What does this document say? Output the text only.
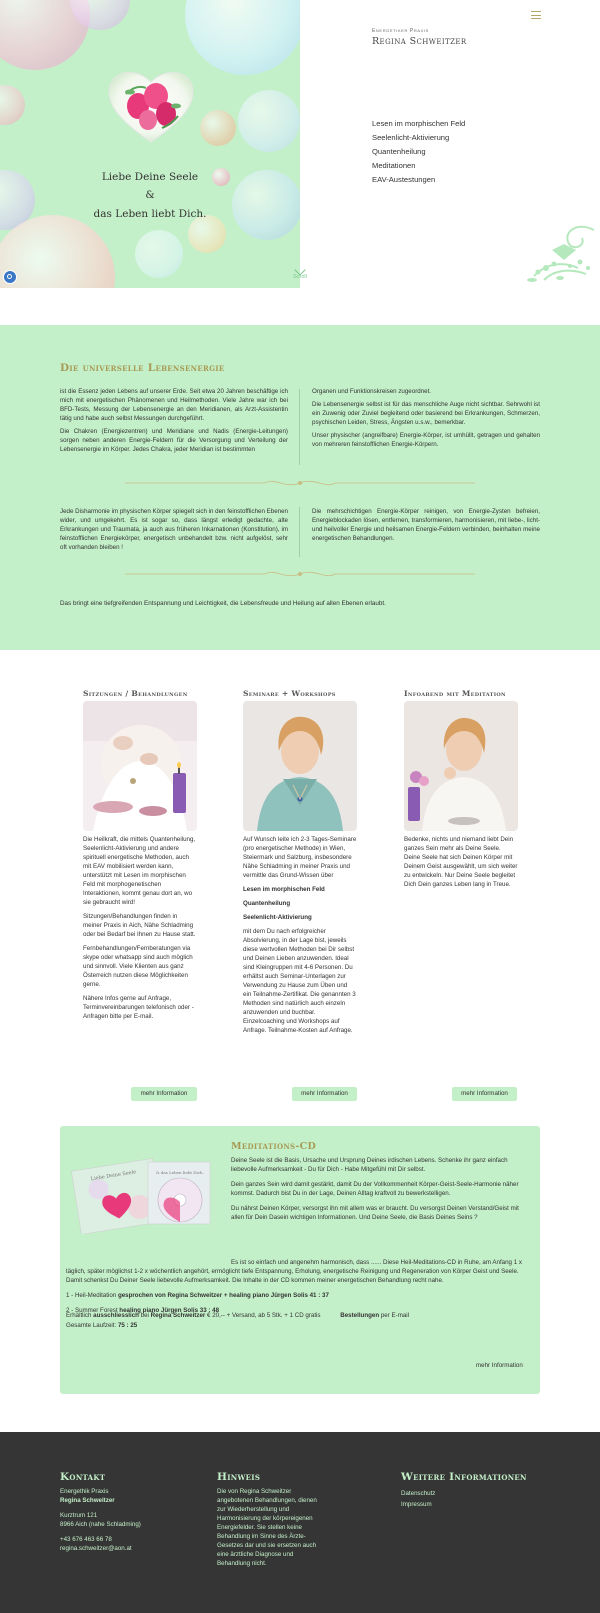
Liebe Deine Seele
&
das Leben liebt Dich.
Energetiker Praxis
Regina Schweitzer
Lesen im morphischen Feld
Seelenlicht-Aktivierung
Quantenheilung
Meditationen
EAV-Austestungen
Scroll
Die universelle Lebensenergie

ist die Essenz jeden Lebens auf unserer Erde. Seit etwa 20 Jahren beschäftige ich mich mit energetischen Phänomenen und Heilmethoden. Viele Jahre war ich bei BFD-Tests, Messung der Lebensenergie an den Meridianen, als Arzt-Assistentin tätig und habe auch selbst Messungen durchgeführt.

Die Chakren (Energiezentren) und Meridiane und Nadis (Energie-Leitungen) sorgen neben anderen Energie-Feldern für die Versorgung und Verteilung der Lebensenergie im Körper. Jedes Chakra, jeder Meridian ist bestimmten

Organen und Funktionskreisen zugeordnet.

Die Lebensenergie selbst ist für das menschliche Auge nicht sichtbar. Sehrwohl ist ein Zuwenig oder Zuviel begleitend oder basierend bei Erkrankungen, Schmerzen, psychischen Leiden, Stress, Ängsten u.s.w., bemerkbar.

Unser physischer (angreifbare) Energie-Körper, ist umhüllt, getragen und gehalten von mehreren feinstofflichen Energie-Körpern.

Jede Disharmonie im physischen Körper spiegelt sich in den feinstofflichen Ebenen wider, und umgekehrt. Es ist sogar so, dass längst erledigt gedachte, alte Erkrankungen und Traumata, ja auch aus früheren Inkarnationen (Konstitution), im feinstofflichen Energiekörper, energetisch unbehandelt bzw. nicht aufgelöst, sehr oft vorhanden bleiben !

Die mehrschichtigen Energie-Körper reinigen, von Energie-Zysten befreien, Energieblockaden lösen, entfernen, transformieren, harmonisieren, mit liebe-, licht- und heilvoller Energie und heilsamen Energie-Feldern verbinden, beinhalten meine energetischen Behandlungen.

Das bringt eine tiefgreifenden Entspannung und Leichtigkeit, die Lebensfreude und Heilung auf allen Ebenen erlaubt.

Sitzungen / Behandlungen

Die Heilkraft, die mittels Quantenheilung, Seelenlicht-Aktivierung und andere spirituell energetische Methoden, auch mit EAV mobilisiert werden kann, unterstützt mit Lesen im morphischen Feld mit morphogenetischen Interaktionen, kommt genau dort an, wo sie gebraucht wird!

Sitzungen/Behandlungen finden in meiner Praxis in Aich, Nähe Schladming oder bei Bedarf bei Ihnen zu Hause statt.

Fernbehandlungen/Fernberatungen via skype oder whatsapp sind auch möglich und sinnvoll. Viele Klienten aus ganz Österreich nutzen diese Möglichkeiten gerne.

Nähere Infos gerne auf Anfrage, Terminvereinbarungen telefonisch oder -Anfragen bitte per E-mail.

mehr Information
Seminare + Workshops

Auf Wunsch leite ich 2-3 Tages-Seminare (pro energetischer Methode) in Wien, Steiermark und Salzburg, insbesondere Nähe Schladming in meiner Praxis und vermittle das Grund-Wissen über

Lesen im morphischen Feld

Quantenheilung

Seelenlicht-Aktivierung

mit dem Du nach erfolgreicher Absolvierung, in der Lage bist, jeweils diese wertvollen Methoden bei Dir selbst und Deinen Lieben anzuwenden. Ideal sind Kleingruppen mit 4-6 Personen. Du erhältst auch Seminar-Unterlagen zur Verwendung zu Hause zum Üben und ein Teilnahme-Zertifikat. Die genannten 3 Methoden sind natürlich auch einzeln anzuwenden und buchbar. Einzelcoaching und Workshops auf Anfrage. Teilnahme-Kosten auf Anfrage.

mehr Information
Infoabend mit Meditation

Bedenke, nichts und niemand liebt Dein ganzes Sein mehr als Deine Seele. Deine Seele hat sich Deinen Körper mit Deinem Geist ausgewählt, um sich weiter zu entwickeln. Nur Deine Seele begleitet Dich Dein ganzes Leben lang in Treue.

mehr Information
Meditations-CD
Liebe Deine Seele	& das Leben liebt Dich.

Deine Seele ist die Basis, Ursache und Ursprung Deines irdischen Lebens. Schenke ihr ganz einfach liebevolle Aufmerksamkeit - Du für Dich - Habe Mitgefühl mit Dir selbst.

Dein ganzes Sein wird damit gestärkt, damit Du der Vollkommenheit Körper-Geist-Seele-Harmonie näher kommst. Dadurch bist Du in der Lage, Deinen Alltag kraftvoll zu bewerkstelligen.

Du nährst Deinen Körper, versorgst ihn mit allem was er braucht. Du versorgst Deinen Verstand/Geist mit allen für Dein Dasein wichtigen Informationen. Und Deine Seele, die Basis Deines Seins ?

Es ist so einfach und angenehm harmonisch, dass ...... Diese Heil-Meditations-CD in Ruhe, am Anfang 1 x täglich, später möglichst 1-2 x wöchentlich angehört, ermöglicht tiefe Entspannung, Erholung, energetische Reinigung und Regeneration von Körper Geist und Seele. Damit schenkst Du Deiner Seele liebevolle Aufmerksamkeit. Die Inhalte in der CD kommen meiner energetischen Behandlung recht nahe.

1 - Heil-Meditation gesprochen von Regina Schweitzer + healing piano Jürgen Solis 41 : 37

2 - Summer Forest healing piano Jürgen Solis 33 : 48

Gesamte Laufzeit: 75 : 25

Erhältlich ausschliesslich bei Regina Schweitzer € 20,-- + Versand, ab 5 Stk. + 1 CD gratis	Bestellungen per E-mail
mehr Information
Kontakt
Energethik Praxis
Regina Schweitzer
Kurztrum 121
8966 Aich (nahe Schladming)
+43 676 463 66 78
regina.schweitzer@aon.at
Hinweis
Die von Regina Schweitzer angebotenen Behandlungen, dienen zur Wiederherstellung und Harmonisierung der körpereigenen Energiefelder. Sie stellen keine Behandlung im Sinne des Ärzte-Gesetzes dar und sie ersetzen auch eine ärztliche Diagnose und Behandlung nicht.
Weitere Informationen
Datenschutz
Impressum
